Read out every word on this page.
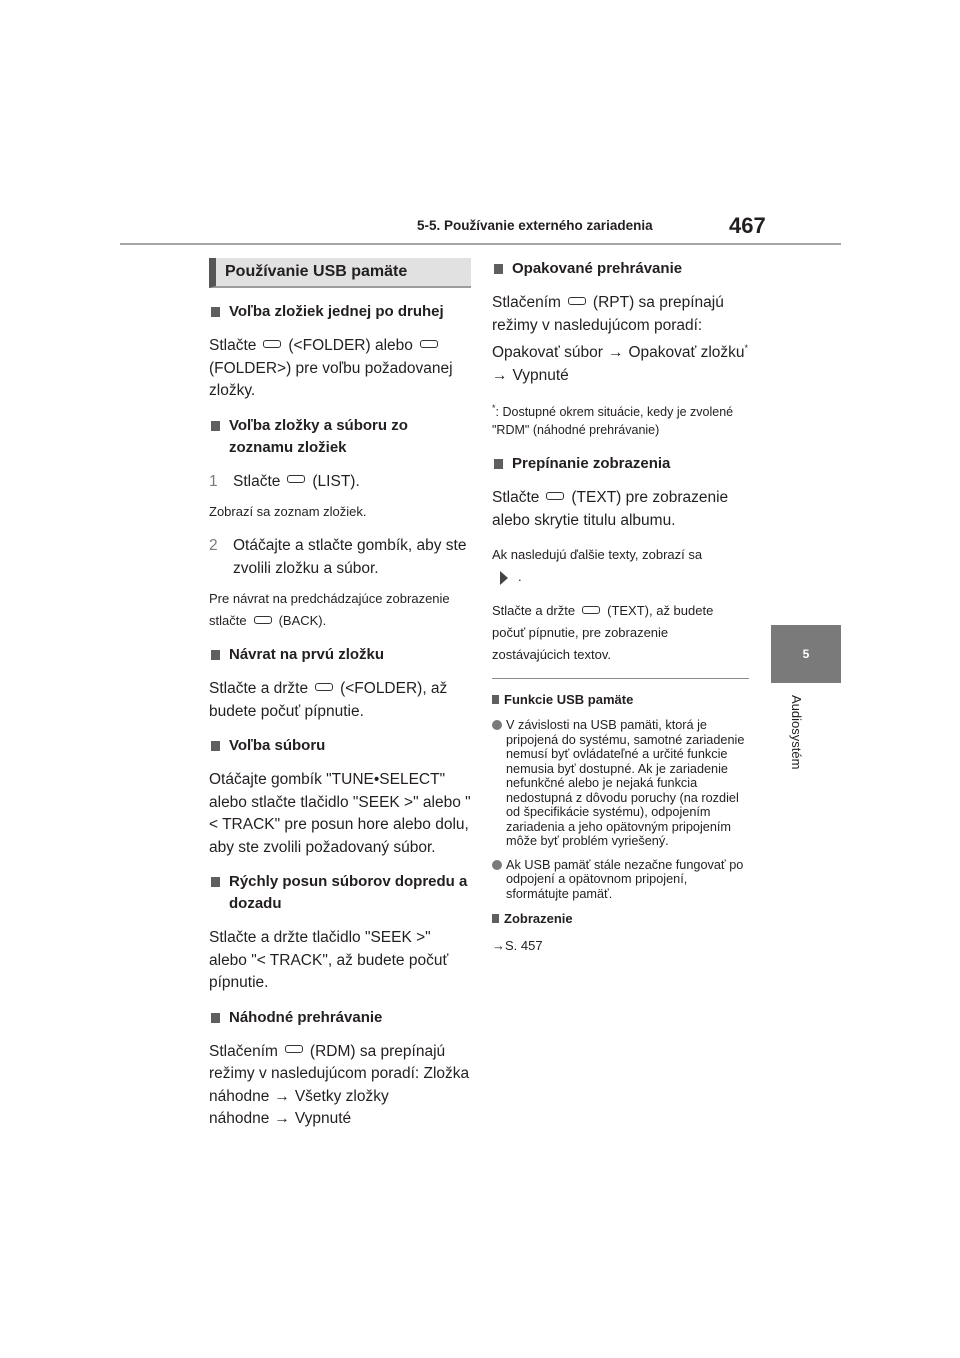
5-5. Používanie externého zariadenia	467
5
Audiosystém
Používanie USB pamäte
Voľba zložiek jednej po druhej
Stlačte (<FOLDER) alebo(FOLDER>) pre voľbu požadovanej zložky.
Voľba zložky a súboru zo zoznamu zložiek
1 Stlačte (LIST).
Zobrazí sa zoznam zložiek.
2 Otáčajte a stlačte gombík, aby ste zvolili zložku a súbor.
Pre návrat na predchádzajúce zobrazenie stlačte (BACK).
Návrat na prvú zložku
Stlačte a držte (<FOLDER), až budete počuť pípnutie.
Voľba súboru
Otáčajte gombík "TUNE•SELECT" alebo stlačte tlačidlo "SEEK >" alebo "< TRACK" pre posun hore alebo dolu, aby ste zvolili požadovaný súbor.
Rýchly posun súborov dopredu a dozadu
Stlačte a držte tlačidlo "SEEK >" alebo "< TRACK", až budete počuť pípnutie.
Náhodné prehrávanie
Stlačením (RDM) sa prepínajú režimy v nasledujúcom poradí: Zložka náhodne → Všetky zložky náhodne → Vypnuté
Opakované prehrávanie
Stlačením (RPT) sa prepínajú režimy v nasledujúcom poradí: Opakovať súbor → Opakovať zložku*
→ Vypnuté
*: Dostupné okrem situácie, kedy je zvolené "RDM" (náhodné prehrávanie)
Prepínanie zobrazenia
Stlačte (TEXT) pre zobrazenie alebo skrytie titulu albumu.
Ak nasledujú ďalšie texty, zobrazí sa
.
Stlačte a držte (TEXT), až budete počuť pípnutie, pre zobrazenie zostávajúcich textov.
Funkcie USB pamäte
V závislosti na USB pamäti, ktorá je pripojená do systému, samotné zariadenie nemusí byť ovládateľné a určité funkcie nemusia byť dostupné. Ak je zariadenie nefunkčné alebo je nejaká funkcia nedostupná z dôvodu poruchy (na rozdiel od špecifikácie systému), odpojením zariadenia a jeho opätovným pripojením môže byť problém vyriešený.
Ak USB pamäť stále nezačne fungovať po odpojení a opätovnom pripojení, sformátujte pamäť.
Zobrazenie
→S. 457
